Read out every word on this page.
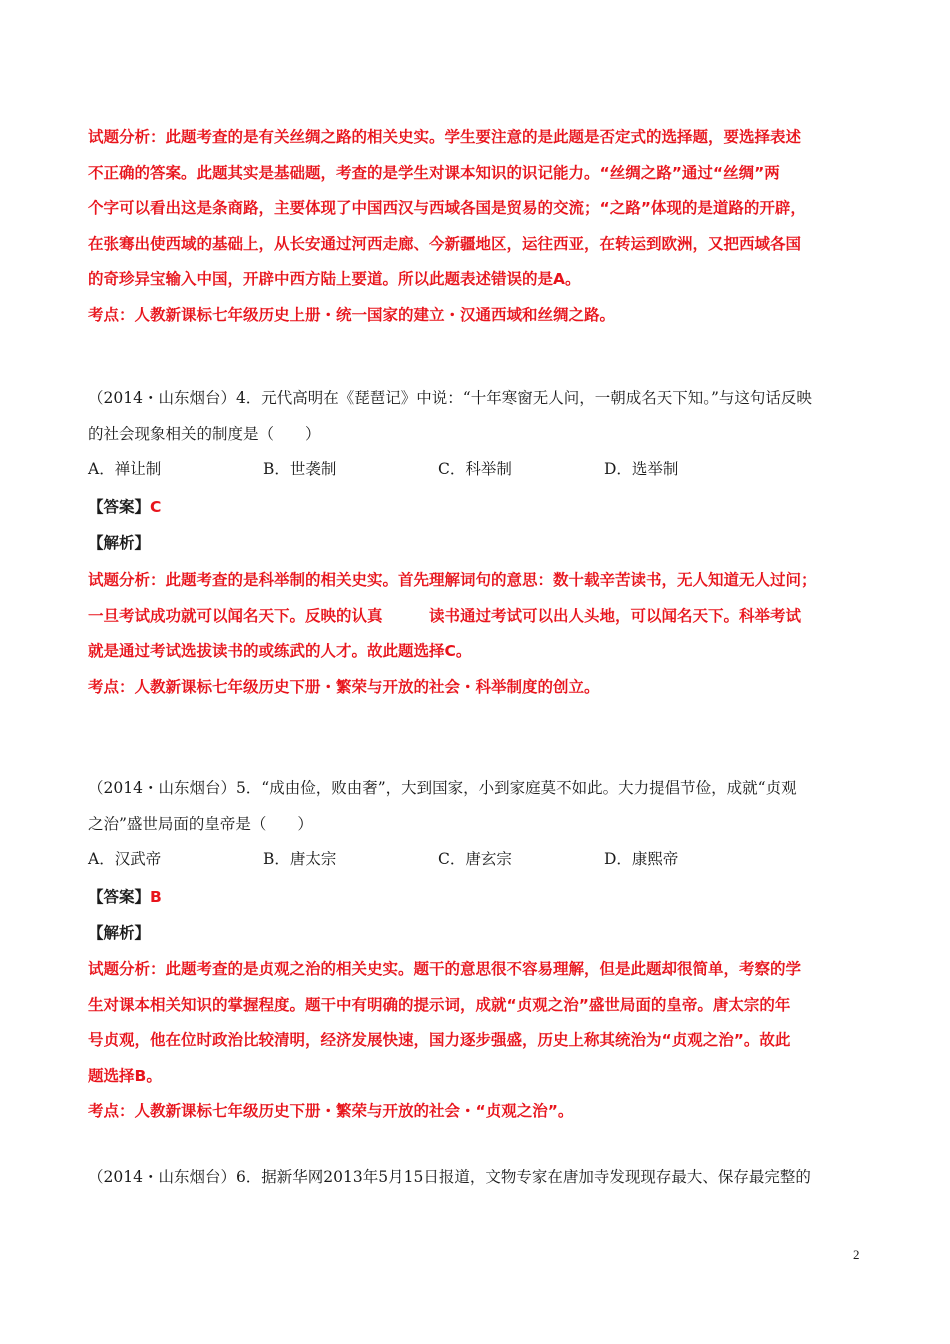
试题分析：此题考查的是有关丝绸之路的相关史实。学生要注意的是此题是否定式的选择题，要选择表述
不正确的答案。此题其实是基础题，考查的是学生对课本知识的识记能力。“丝绸之路”通过“丝绸”两
个字可以看出这是条商路，主要体现了中国西汉与西域各国是贸易的交流；“之路”体现的是道路的开辟，
在张骞出使西域的基础上，从长安通过河西走廊、今新疆地区，运往西亚，在转运到欧洲，又把西域各国
的奇珍异宝输入中国，开辟中西方陆上要道。所以此题表述错误的是A。
考点：人教新课标七年级历史上册・统一国家的建立・汉通西域和丝绸之路。
（2014・山东烟台）4．元代高明在《琵琶记》中说：“十年寒窗无人问，一朝成名天下知。”与这句话反映
的社会现象相关的制度是（　　）
A．禅让制	B．世袭制	C．科举制	D．选举制
【答案】C
【解析】
试题分析：此题考查的是科举制的相关史实。首先理解词句的意思：数十载辛苦读书，无人知道无人过问；
一旦考试成功就可以闻名天下。反映的认真　　　读书通过考试可以出人头地，可以闻名天下。科举考试
就是通过考试选拔读书的或练武的人才。故此题选择C。
考点：人教新课标七年级历史下册・繁荣与开放的社会・科举制度的创立。
（2014・山东烟台）5．“成由俭，败由奢”，大到国家，小到家庭莫不如此。大力提倡节俭，成就“贞观
之治”盛世局面的皇帝是（　　）
A．汉武帝	B．唐太宗	C．唐玄宗	D．康熙帝
【答案】B
【解析】
试题分析：此题考查的是贞观之治的相关史实。题干的意思很不容易理解，但是此题却很简单，考察的学
生对课本相关知识的掌握程度。题干中有明确的提示词，成就“贞观之治”盛世局面的皇帝。唐太宗的年
号贞观，他在位时政治比较清明，经济发展快速，国力逐步强盛，历史上称其统治为“贞观之治”。故此
题选择B。
考点：人教新课标七年级历史下册・繁荣与开放的社会・“贞观之治”。
（2014・山东烟台）6．据新华网2013年5月15日报道，文物专家在唐加寺发现现存最大、保存最完整的
2
